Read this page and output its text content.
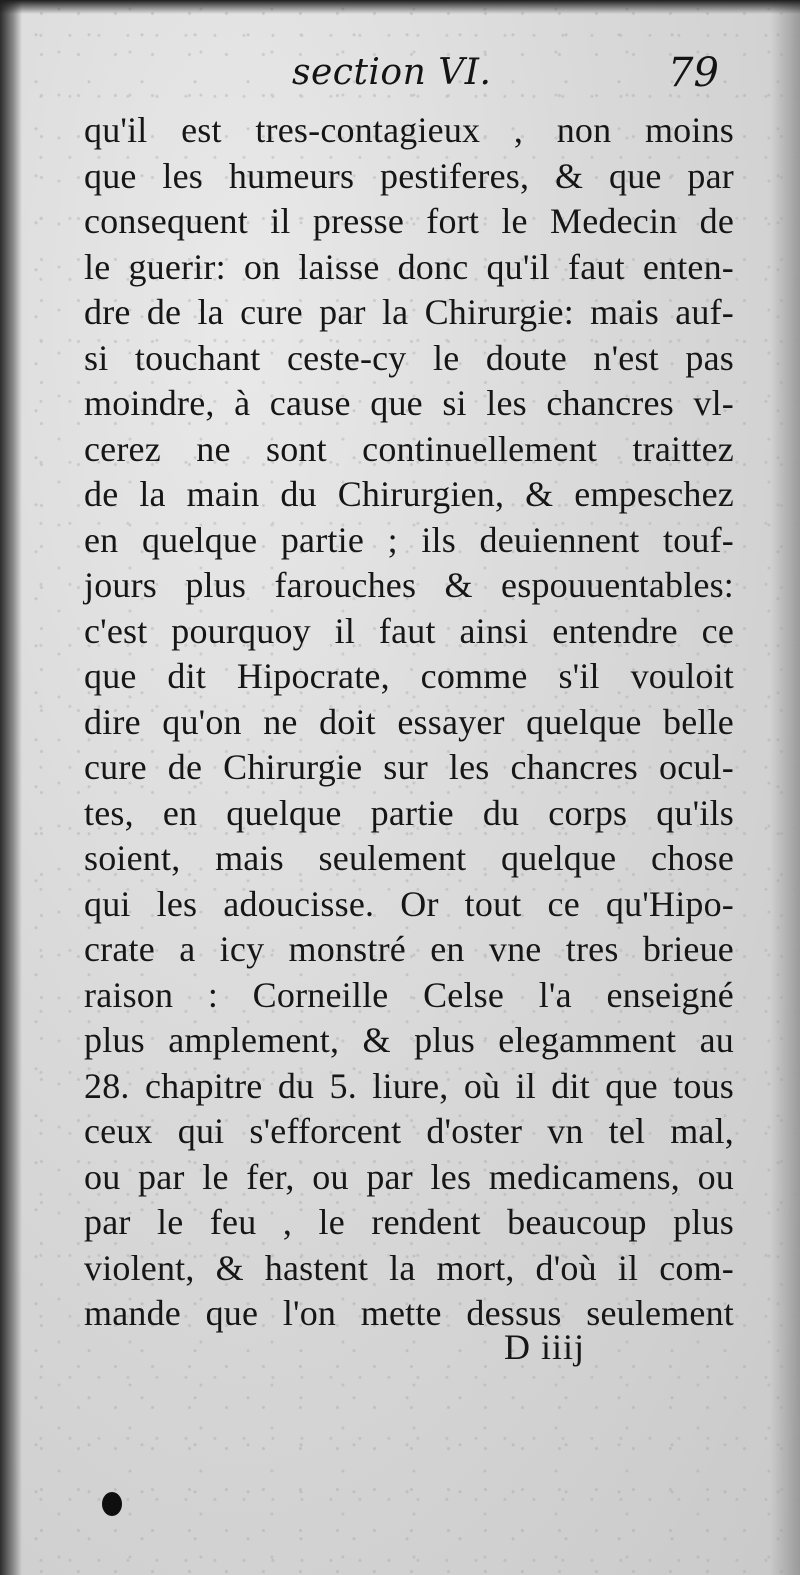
section VI.	79
qu'il est tres-contagieux , non moins
que les humeurs pestiferes, & que par
consequent il presse fort le Medecin de
le guerir: on laisse donc qu'il faut enten-
dre de la cure par la Chirurgie: mais auf-
si touchant ceste-cy le doute n'est pas
moindre, à cause que si les chancres vl-
cerez ne sont continuellement traittez
de la main du Chirurgien, & empeschez
en quelque partie ; ils deuiennent touf-
jours plus farouches & espouuentables:
c'est pourquoy il faut ainsi entendre ce
que dit Hipocrate, comme s'il vouloit
dire qu'on ne doit essayer quelque belle
cure de Chirurgie sur les chancres ocul-
tes, en quelque partie du corps qu'ils
soient, mais seulement quelque chose
qui les adoucisse. Or tout ce qu'Hipo-
crate a icy monstré en vne tres brieue
raison : Corneille Celse l'a enseigné
plus amplement, & plus elegamment au
28. chapitre du 5. liure, où il dit que tous
ceux qui s'efforcent d'oster vn tel mal,
ou par le fer, ou par les medicamens, ou
par le feu , le rendent beaucoup plus
violent, & hastent la mort, d'où il com-
mande que l'on mette dessus seulement
D iiij
